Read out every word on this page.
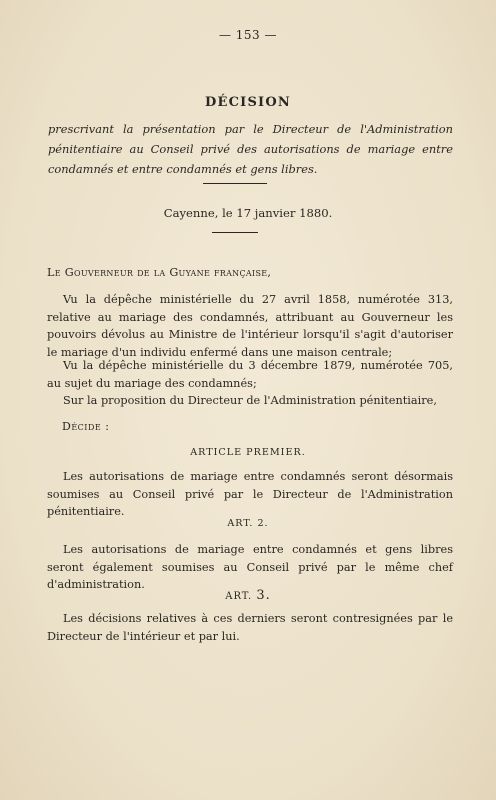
— 153 —
DÉCISION
prescrivant la présentation par le Directeur de l'Administration pénitentiaire au Conseil privé des autorisations de mariage entre condamnés et entre condamnés et gens libres.
Cayenne, le 17 janvier 1880.
Le Gouverneur de la Guyane française,

Vu la dépêche ministérielle du 27 avril 1858, numérotée 313, relative au mariage des condamnés, attribuant au Gouverneur les pouvoirs dévolus au Ministre de l'intérieur lorsqu'il s'agit d'autoriser le mariage d'un individu enfermé dans une maison centrale;

Vu la dépêche ministérielle du 3 décembre 1879, numérotée 705, au sujet du mariage des condamnés;

Sur la proposition du Directeur de l'Administration pénitentiaire,

Décide :
ARTICLE PREMIER.

Les autorisations de mariage entre condamnés seront désormais soumises au Conseil privé par le Directeur de l'Administration pénitentiaire.

ART. 2.

Les autorisations de mariage entre condamnés et gens libres seront également soumises au Conseil privé par le même chef d'administration.

ART. 3.

Les décisions relatives à ces derniers seront contresignées par le Directeur de l'intérieur et par lui.
